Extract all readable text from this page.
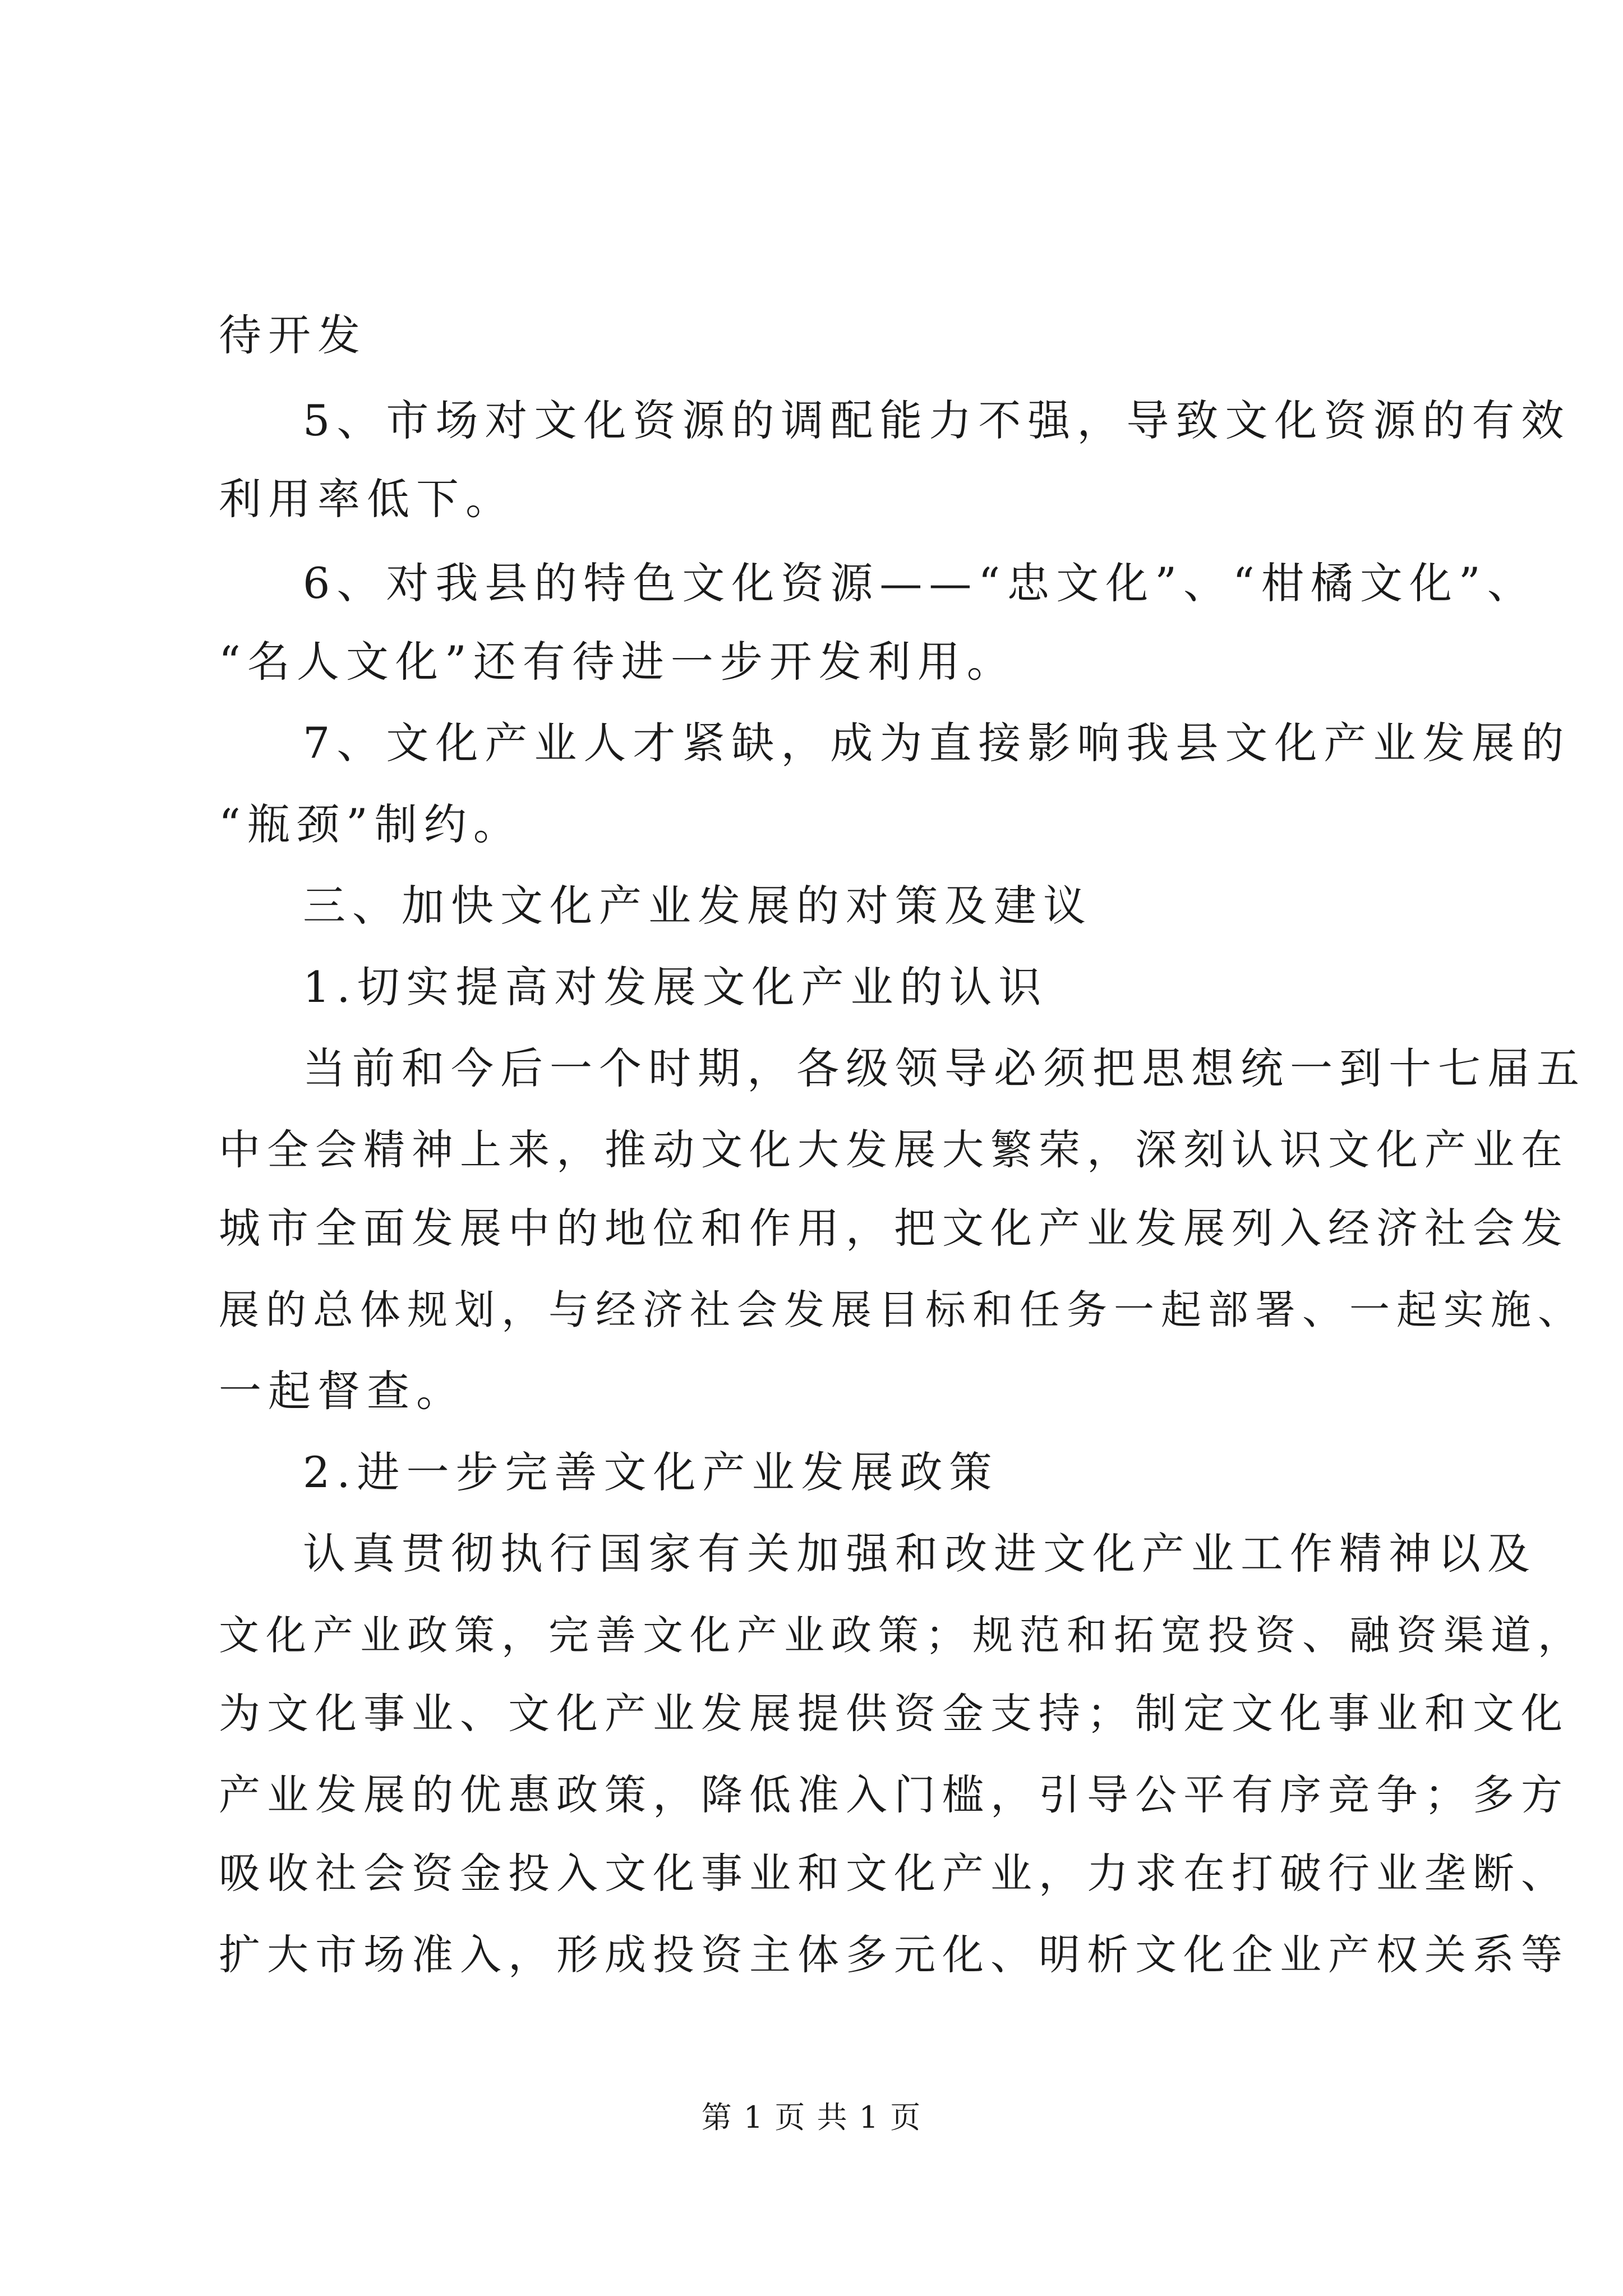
待开发
5、市场对文化资源的调配能力不强，导致文化资源的有效
利用率低下。
6、对我县的特色文化资源——“忠文化”、“柑橘文化”、
“名人文化”还有待进一步开发利用。
7、文化产业人才紧缺，成为直接影响我县文化产业发展的
“瓶颈”制约。
三、加快文化产业发展的对策及建议
1.切实提高对发展文化产业的认识
当前和今后一个时期，各级领导必须把思想统一到十七届五
中全会精神上来，推动文化大发展大繁荣，深刻认识文化产业在
城市全面发展中的地位和作用，把文化产业发展列入经济社会发
展的总体规划，与经济社会发展目标和任务一起部署、一起实施、
一起督查。
2.进一步完善文化产业发展政策
认真贯彻执行国家有关加强和改进文化产业工作精神以及
文化产业政策，完善文化产业政策；规范和拓宽投资、融资渠道，
为文化事业、文化产业发展提供资金支持；制定文化事业和文化
产业发展的优惠政策，降低准入门槛，引导公平有序竞争；多方
吸收社会资金投入文化事业和文化产业，力求在打破行业垄断、
扩大市场准入，形成投资主体多元化、明析文化企业产权关系等
第 1 页 共 1 页
